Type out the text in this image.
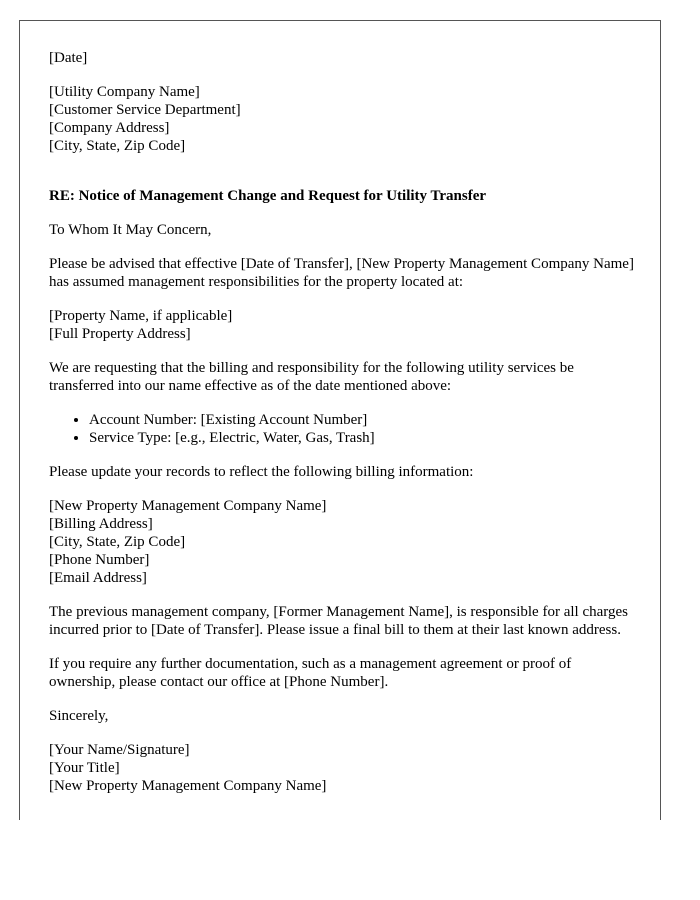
[Date]

[Utility Company Name]
[Customer Service Department]
[Company Address]
[City, State, Zip Code]

RE: Notice of Management Change and Request for Utility Transfer

To Whom It May Concern,

Please be advised that effective [Date of Transfer], [New Property Management Company Name] has assumed management responsibilities for the property located at:

[Property Name, if applicable]
[Full Property Address]

We are requesting that the billing and responsibility for the following utility services be transferred into our name effective as of the date mentioned above:

• Account Number: [Existing Account Number]
• Service Type: [e.g., Electric, Water, Gas, Trash]

Please update your records to reflect the following billing information:

[New Property Management Company Name]
[Billing Address]
[City, State, Zip Code]
[Phone Number]
[Email Address]

The previous management company, [Former Management Name], is responsible for all charges incurred prior to [Date of Transfer]. Please issue a final bill to them at their last known address.

If you require any further documentation, such as a management agreement or proof of ownership, please contact our office at [Phone Number].

Sincerely,

[Your Name/Signature]
[Your Title]
[New Property Management Company Name]
